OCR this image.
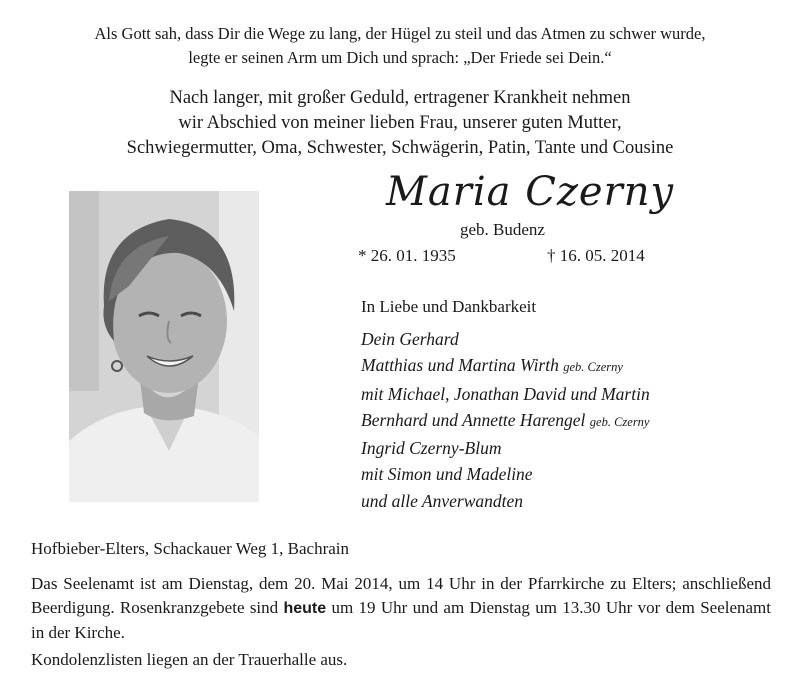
Als Gott sah, dass Dir die Wege zu lang, der Hügel zu steil und das Atmen zu schwer wurde,
legte er seinen Arm um Dich und sprach: „Der Friede sei Dein.“
Nach langer, mit großer Geduld, ertragener Krankheit nehmen
wir Abschied von meiner lieben Frau, unserer guten Mutter,
Schwiegermutter, Oma, Schwester, Schwägerin, Patin, Tante und Cousine
Maria Czerny
geb. Budenz
* 26. 01. 1935	† 16. 05. 2014
In Liebe und Dankbarkeit
Dein Gerhard
Matthias und Martina Wirth geb. Czerny
mit Michael, Jonathan David und Martin
Bernhard und Annette Harengel geb. Czerny
Ingrid Czerny-Blum
mit Simon und Madeline
und alle Anverwandten
Hofbieber-Elters, Schackauer Weg 1, Bachrain
Das Seelenamt ist am Dienstag, dem 20. Mai 2014, um 14 Uhr in der Pfarrkirche zu Elters; anschließend Beerdigung. Rosenkranzgebete sind heute um 19 Uhr und am Dienstag um 13.30 Uhr vor dem Seelenamt in der Kirche.
Kondolenzlisten liegen an der Trauerhalle aus.
